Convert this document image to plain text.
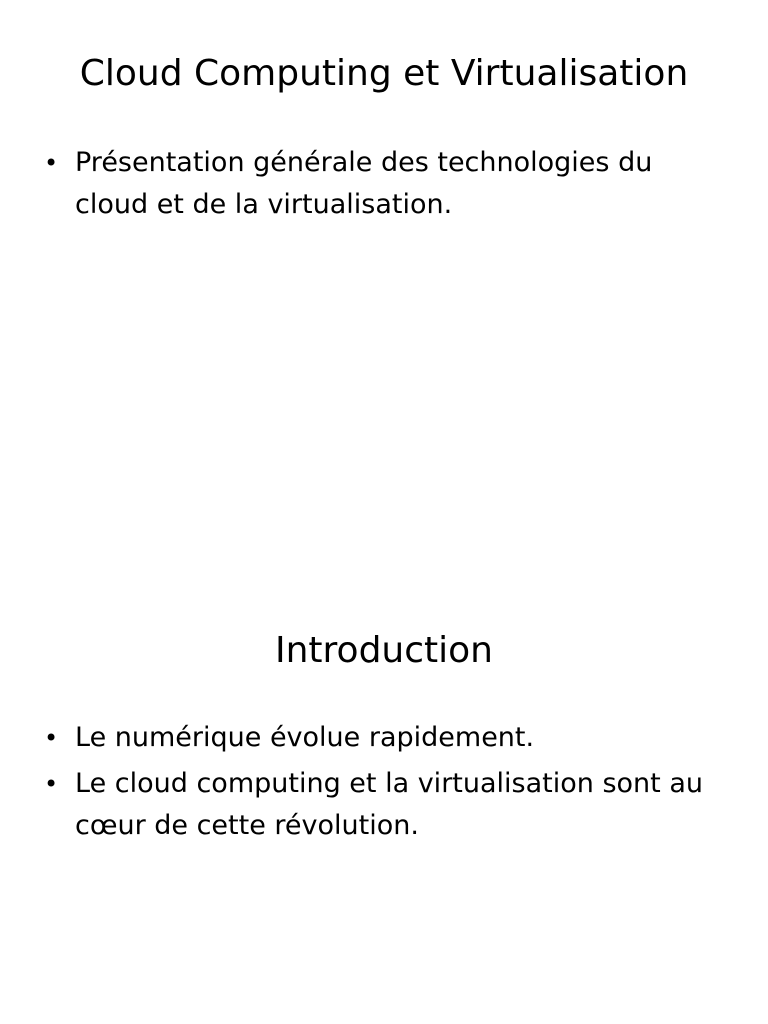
Cloud Computing et Virtualisation
• Présentation générale des technologies du cloud et de la virtualisation.
Introduction
• Le numérique évolue rapidement.
• Le cloud computing et la virtualisation sont au cœur de cette révolution.
